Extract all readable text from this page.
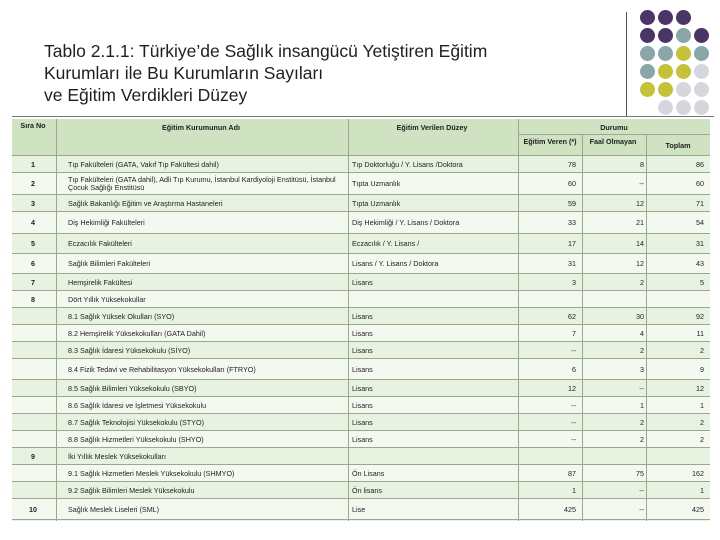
Tablo 2.1.1: Türkiye’de Sağlık insangücü Yetiştiren Eğitim
Kurumları ile Bu Kurumların Sayıları
ve Eğitim Verdikleri Düzey
Sıra No	Eğitim Kurumunun Adı	Eğitim Verilen Düzey	Durumu
Eğitim Veren (*)	Faal Olmayan	Toplam
1	Tıp Fakülteleri (GATA, Vakıf Tıp Fakültesi dahil)	Tıp Doktorluğu / Y. Lisans /Doktora	78	8	86
2	Tıp Fakülteleri (GATA dahil), Adli Tıp Kurumu, İstanbul Kardiyoloji Enstitüsü, İstanbul Çocuk Sağlığı Enstitüsü	Tıpta Uzmanlık	60	--	60
3	Sağlık Bakanlığı Eğitim ve Araştırma Hastaneleri	Tıpta Uzmanlık	59	12	71
4	Diş Hekimliği Fakülteleri	Diş Hekimliği / Y. Lisans / Doktora	33	21	54
5	Eczacılık Fakülteleri	Eczacılık / Y. Lisans /	17	14	31
6	Sağlık Bilimleri Fakülteleri	Lisans / Y. Lisans / Doktora	31	12	43
7	Hemşirelik Fakültesi	Lisans	3	2	5
8	Dört Yıllık Yüksekokullar
8.1 Sağlık Yüksek Okulları (SYO)	Lisans	62	30	92
8.2 Hemşirelik Yüksekokulları (GATA Dahil)	Lisans	7	4	11
8.3 Sağlık İdaresi Yüksekokulu (SİYO)	Lisans	--	2	2
8.4 Fizik Tedavi ve Rehabilitasyon Yüksekokulları (FTRYO)	Lisans	6	3	9
8.5 Sağlık Bilimleri Yüksekokulu (SBYO)	Lisans	12	--	12
8.6 Sağlık İdaresi ve İşletmesi Yüksekokulu	Lisans	--	1	1
8.7 Sağlık Teknolojisi Yüksekokulu (STYO)	Lisans	--	2	2
8.8 Sağlık Hizmetleri Yüksekokulu (SHYO)	Lisans	--	2	2
9	İki Yıllık Meslek Yüksekokulları
9.1 Sağlık Hizmetleri Meslek Yüksekokulu (SHMYO)	Ön Lisans	87	75	162
9.2 Sağlık Bilimleri Meslek Yüksekokulu	Ön lisans	1	--	1
10	Sağlık Meslek Liseleri (SML)	Lise	425	--	425
